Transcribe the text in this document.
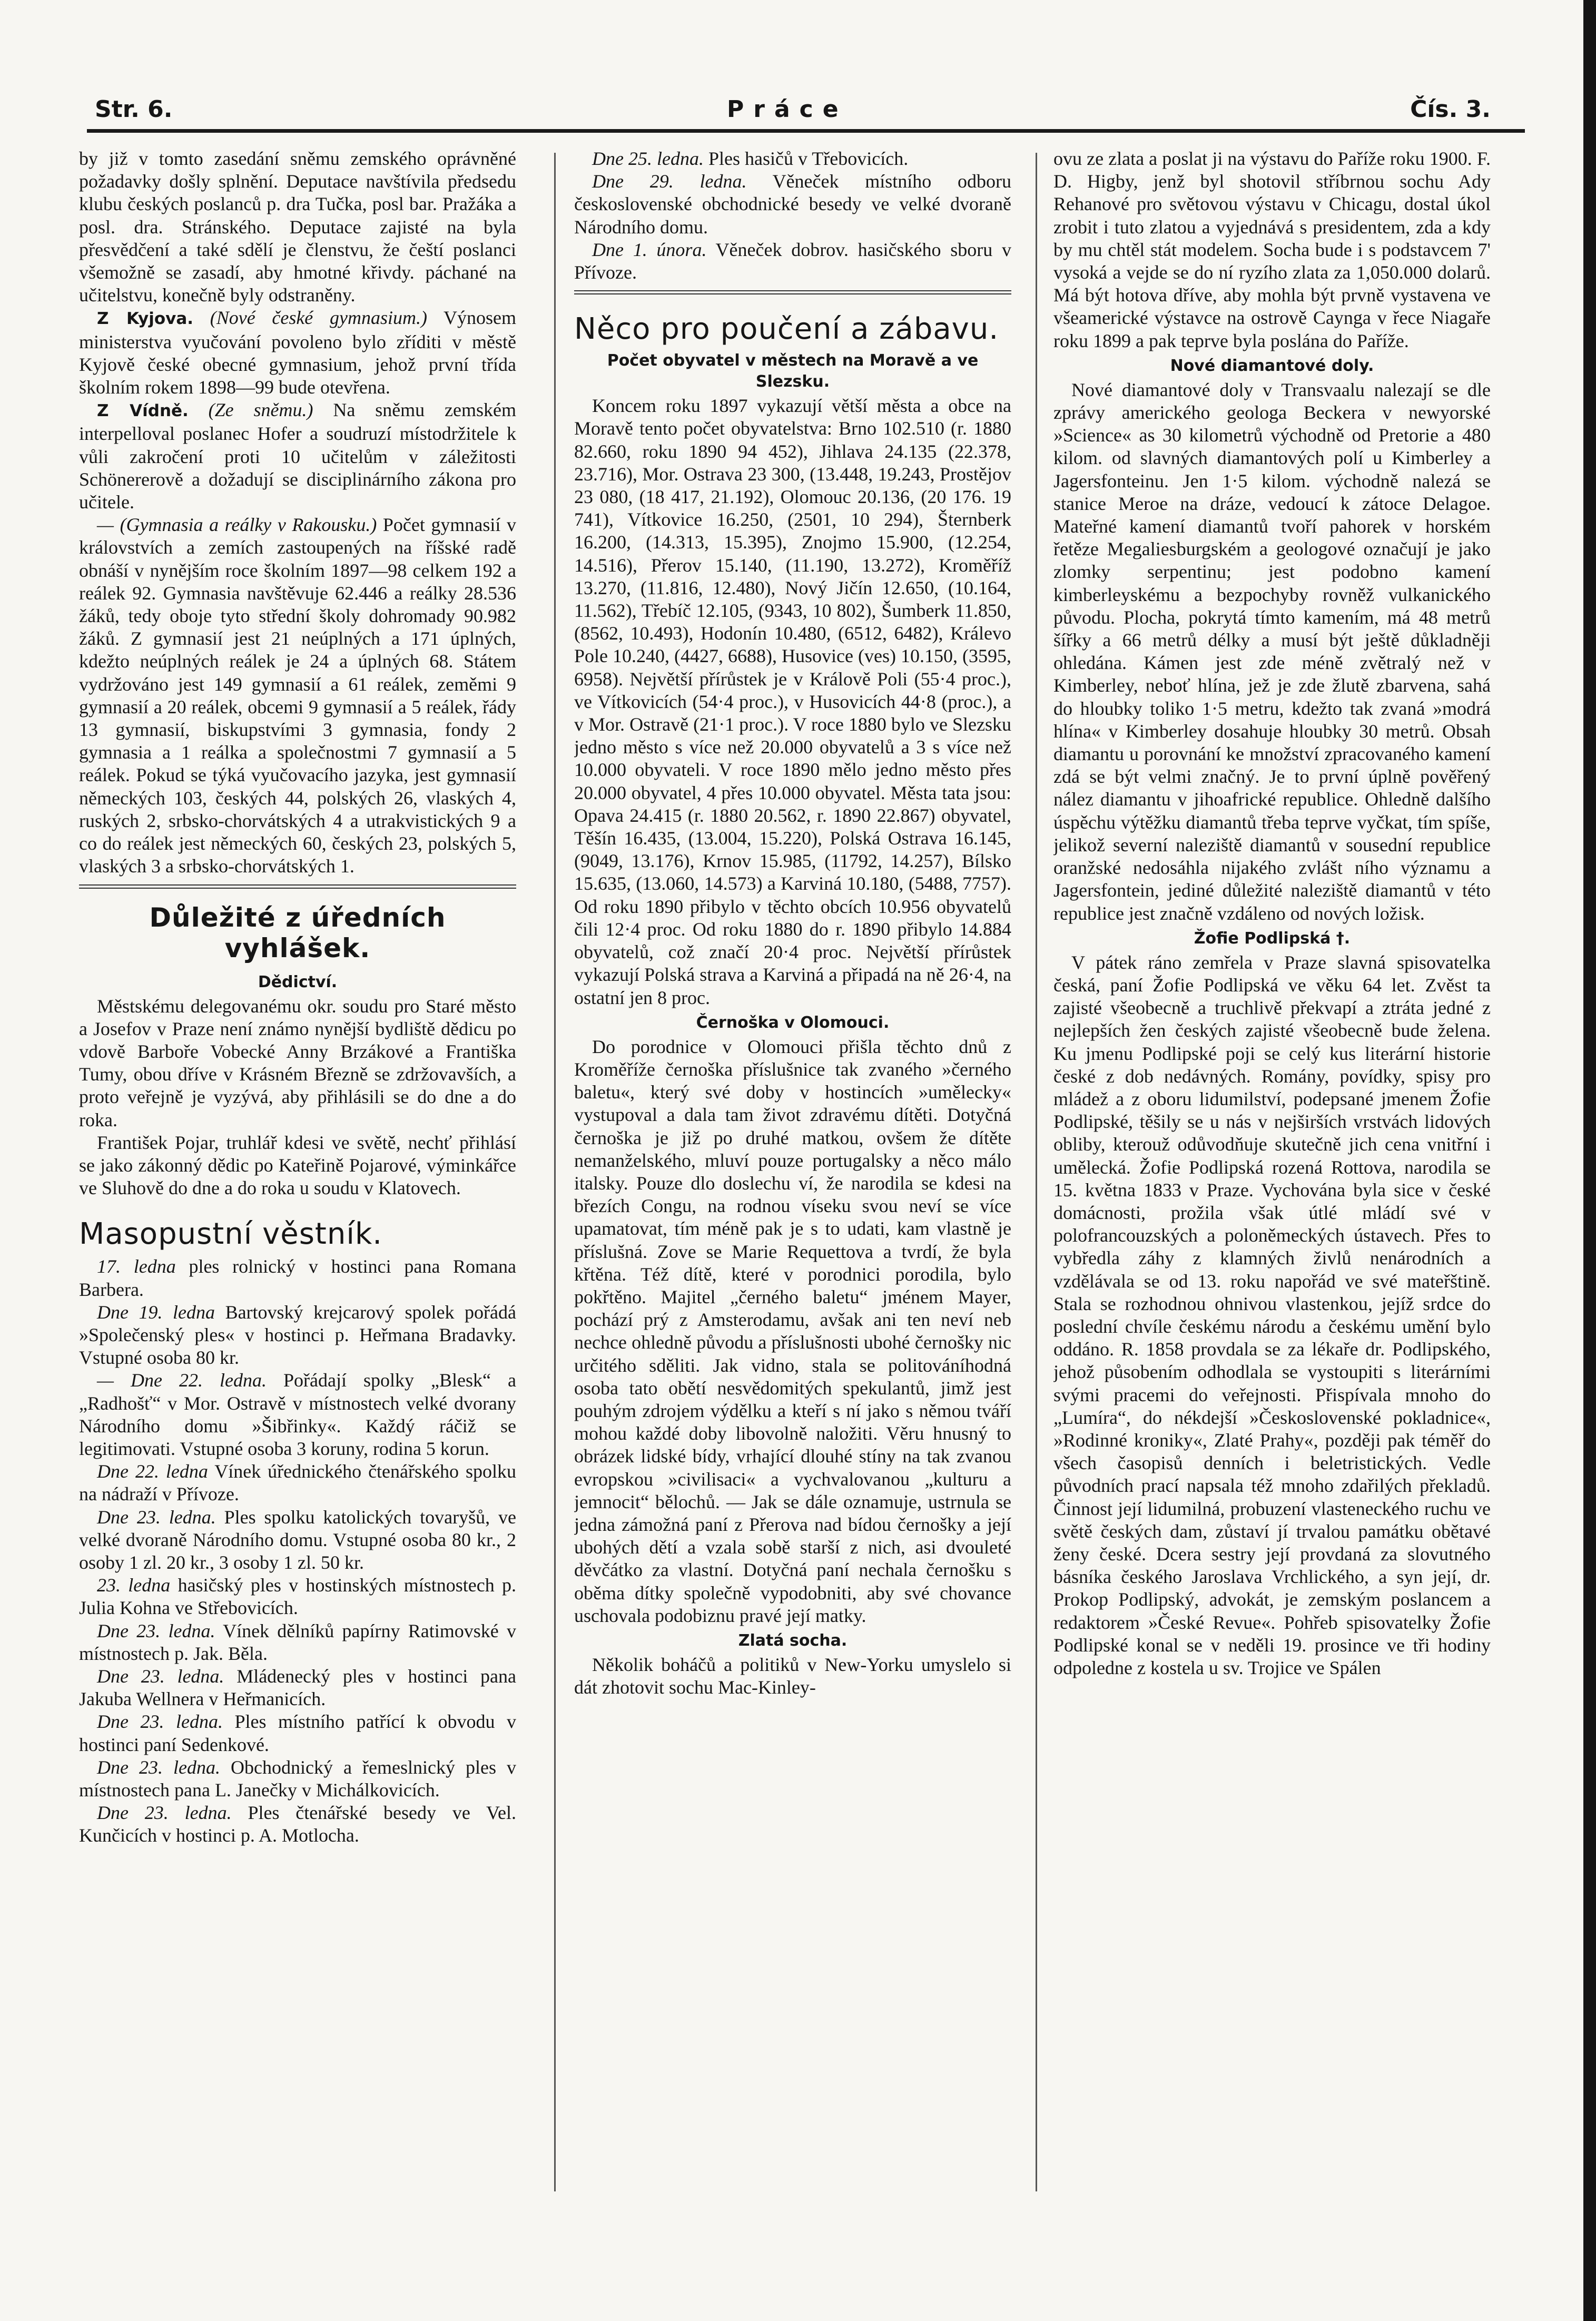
Str. 6.	Práce	Čís. 3.

by již v tomto zasedání sněmu zemského oprávněné požadavky došly splnění. Deputace navštívila předsedu klubu českých poslanců p. dra Tučka, posl bar. Pražáka a posl. dra. Stránského. Deputace zajisté na byla přesvědčení a také sdělí je členstvu, že čeští poslanci všemožně se zasadí, aby hmotné křivdy. páchané na učitelstvu, konečně byly odstraněny.

Z Kyjova. (Nové české gymnasium.) Výnosem ministerstva vyučování povoleno bylo zříditi v městě Kyjově české obecné gymnasium, jehož první třída školním rokem 1898—99 bude otevřena.

Z Vídně. (Ze sněmu.) Na sněmu zemském interpelloval poslanec Hofer a soudruzí místodržitele k vůli zakročení proti 10 učitelům v záležitosti Schönererově a dožadují se disciplinárního zákona pro učitele.

— (Gymnasia a reálky v Rakousku.) Počet gymnasií v královstvích a zemích zastoupených na říšské radě obnáší v nynějším roce školním 1897—98 celkem 192 a reálek 92. Gymnasia navštěvuje 62.446 a reálky 28.536 žáků, tedy oboje tyto střední školy dohromady 90.982 žáků. Z gymnasií jest 21 neúplných a 171 úplných, kdežto neúplných reálek je 24 a úplných 68. Státem vydržováno jest 149 gymnasií a 61 reálek, zeměmi 9 gymnasií a 20 reálek, obcemi 9 gymnasií a 5 reálek, řády 13 gymnasií, biskupstvími 3 gymnasia, fondy 2 gymnasia a 1 reálka a společnostmi 7 gymnasií a 5 reálek. Pokud se týká vyučovacího jazyka, jest gymnasií německých 103, českých 44, polských 26, vlaských 4, ruských 2, srbsko-chorvátských 4 a utrakvistických 9 a co do reálek jest německých 60, českých 23, polských 5, vlaských 3 a srbsko-chorvátských 1.

Důležité z úředních vyhlášek.
Dědictví.

Městskému delegovanému okr. soudu pro Staré město a Josefov v Praze není známo nynější bydliště dědicu po vdově Barboře Vobecké Anny Brzákové a Františka Tumy, obou dříve v Krásném Březně se zdržovavších, a proto veřejně je vyzývá, aby přihlásili se do dne a do roka.

František Pojar, truhlář kdesi ve světě, nechť přihlásí se jako zákonný dědic po Kateřině Pojarové, výminkářce ve Sluhově do dne a do roka u soudu v Klatovech.

Masopustní věstník.

17. ledna ples rolnický v hostinci pana Romana Barbera.

Dne 19. ledna Bartovský krejcarový spolek pořádá »Společenský ples« v hostinci p. Heřmana Bradavky. Vstupné osoba 80 kr.

— Dne 22. ledna. Pořádají spolky „Blesk“ a „Radhošť“ v Mor. Ostravě v místnostech velké dvorany Národního domu »Šibřinky«. Každý ráčiž se legitimovati. Vstupné osoba 3 koruny, rodina 5 korun.

Dne 22. ledna Vínek úřednického čtenářského spolku na nádraží v Přívoze.

Dne 23. ledna. Ples spolku katolických tovaryšů, ve velké dvoraně Národního domu. Vstupné osoba 80 kr., 2 osoby 1 zl. 20 kr., 3 osoby 1 zl. 50 kr.

23. ledna hasičský ples v hostinských místnostech p. Julia Kohna ve Střebovicích.

Dne 23. ledna. Vínek dělníků papírny Ratimovské v místnostech p. Jak. Běla.

Dne 23. ledna. Mládenecký ples v hostinci pana Jakuba Wellnera v Heřmanicích.

Dne 23. ledna. Ples místního patřící k obvodu v hostinci paní Sedenkové.

Dne 23. ledna. Obchodnický a řemeslnický ples v místnostech pana L. Janečky v Michálkovicích.

Dne 23. ledna. Ples čtenářské besedy ve Vel. Kunčicích v hostinci p. A. Motlocha.

Dne 25. ledna. Ples hasičů v Třebovicích.

Dne 29. ledna. Věneček místního odboru československé obchodnické besedy ve velké dvoraně Národního domu.

Dne 1. února. Věneček dobrov. hasičského sboru v Přívoze.

Něco pro poučení a zábavu.
Počet obyvatel v městech na Moravě a ve Slezsku.

Koncem roku 1897 vykazují větší města a obce na Moravě tento počet obyvatelstva: Brno 102.510 (r. 1880 82.660, roku 1890 94 452), Jihlava 24.135 (22.378, 23.716), Mor. Ostrava 23 300, (13.448, 19.243, Prostějov 23 080, (18 417, 21.192), Olomouc 20.136, (20 176. 19 741), Vítkovice 16.250, (2501, 10 294), Šternberk 16.200, (14.313, 15.395), Znojmo 15.900, (12.254, 14.516), Přerov 15.140, (11.190, 13.272), Kroměříž 13.270, (11.816, 12.480), Nový Jičín 12.650, (10.164, 11.562), Třebíč 12.105, (9343, 10 802), Šumberk 11.850, (8562, 10.493), Hodonín 10.480, (6512, 6482), Králevo Pole 10.240, (4427, 6688), Husovice (ves) 10.150, (3595, 6958). Největší přírůstek je v Králově Poli (55·4 proc.), ve Vítkovicích (54·4 proc.), v Husovicích 44·8 (proc.), a v Mor. Ostravě (21·1 proc.). V roce 1880 bylo ve Slezsku jedno město s více než 20.000 obyvatelů a 3 s více než 10.000 obyvateli. V roce 1890 mělo jedno město přes 20.000 obyvatel, 4 přes 10.000 obyvatel. Města tata jsou: Opava 24.415 (r. 1880 20.562, r. 1890 22.867) obyvatel, Těšín 16.435, (13.004, 15.220), Polská Ostrava 16.145, (9049, 13.176), Krnov 15.985, (11792, 14.257), Bílsko 15.635, (13.060, 14.573) a Karviná 10.180, (5488, 7757). Od roku 1890 přibylo v těchto obcích 10.956 obyvatelů čili 12·4 proc. Od roku 1880 do r. 1890 přibylo 14.884 obyvatelů, což značí 20·4 proc. Největší přírůstek vykazují Polská strava a Karviná a připadá na ně 26·4, na ostatní jen 8 proc.

Černoška v Olomouci.

Do porodnice v Olomouci přišla těchto dnů z Kroměříže černoška příslušnice tak zvaného »černého baletu«, který své doby v hostincích »umělecky« vystupoval a dala tam život zdravému dítěti. Dotyčná černoška je již po druhé matkou, ovšem že dítěte nemanželského, mluví pouze portugalsky a něco málo italsky. Pouze dlo doslechu ví, že narodila se kdesi na březích Congu, na rodnou víseku svou neví se více upamatovat, tím méně pak je s to udati, kam vlastně je příslušná. Zove se Marie Requettova a tvrdí, že byla křtěna. Též dítě, které v porodnici porodila, bylo pokřtěno. Majitel „černého baletu“ jménem Mayer, pochází prý z Amsterodamu, avšak ani ten neví neb nechce ohledně původu a příslušnosti ubohé černošky nic určitého sděliti. Jak vidno, stala se politováníhodná osoba tato obětí nesvědomitých spekulantů, jimž jest pouhým zdrojem výdělku a kteří s ní jako s němou tváří mohou každé doby libovolně naložiti. Věru hnusný to obrázek lidské bídy, vrhající dlouhé stíny na tak zvanou evropskou »civilisaci« a vychvalovanou „kulturu a jemnocit“ bělochů. — Jak se dále oznamuje, ustrnula se jedna zámožná paní z Přerova nad bídou černošky a její ubohých dětí a vzala sobě starší z nich, asi dvouleté děvčátko za vlastní. Dotyčná paní nechala černošku s oběma dítky společně vypodobniti, aby své chovance uschovala podobiznu pravé její matky.

Zlatá socha.

Několik boháčů a politiků v New-Yorku umyslelo si dát zhotovit sochu Mac-Kinley-

ovu ze zlata a poslat ji na výstavu do Paříže roku 1900. F. D. Higby, jenž byl shotovil stříbrnou sochu Ady Rehanové pro světovou výstavu v Chicagu, dostal úkol zrobit i tuto zlatou a vyjednává s presidentem, zda a kdy by mu chtěl stát modelem. Socha bude i s podstavcem 7' vysoká a vejde se do ní ryzího zlata za 1,050.000 dolarů. Má být hotova dříve, aby mohla být prvně vystavena ve všeamerické výstavce na ostrově Caynga v řece Niagaře roku 1899 a pak teprve byla poslána do Paříže.

Nové diamantové doly.

Nové diamantové doly v Transvaalu nalezají se dle zprávy amerického geologa Beckera v newyorské »Science« as 30 kilometrů východně od Pretorie a 480 kilom. od slavných diamantových polí u Kimberley a Jagersfonteinu. Jen 1·5 kilom. východně nalezá se stanice Meroe na dráze, vedoucí k zátoce Delagoe. Mateřné kamení diamantů tvoří pahorek v horském řetěze Megaliesburgském a geologové označují je jako zlomky serpentinu; jest podobno kamení kimberleyskému a bezpochyby rovněž vulkanického původu. Plocha, pokrytá tímto kamením, má 48 metrů šířky a 66 metrů délky a musí být ještě důkladněji ohledána. Kámen jest zde méně zvětralý než v Kimberley, neboť hlína, jež je zde žlutě zbarvena, sahá do hloubky toliko 1·5 metru, kdežto tak zvaná »modrá hlína« v Kimberley dosahuje hloubky 30 metrů. Obsah diamantu u porovnání ke množství zpracovaného kamení zdá se být velmi značný. Je to první úplně pověřený nález diamantu v jihoafrické republice. Ohledně dalšího úspěchu výtěžku diamantů třeba teprve vyčkat, tím spíše, jelikož severní naleziště diamantů v sousední republice oranžské nedosáhla nijakého zvlášt ního významu a Jagersfontein, jediné důležité naleziště diamantů v této republice jest značně vzdáleno od nových ložisk.

Žofie Podlipská †.

V pátek ráno zemřela v Praze slavná spisovatelka česká, paní Žofie Podlipská ve věku 64 let. Zvěst ta zajisté všeobecně a truchlivě překvapí a ztráta jedné z nejlepších žen českých zajisté všeobecně bude želena. Ku jmenu Podlipské poji se celý kus literární historie české z dob nedávných. Romány, povídky, spisy pro mládež a z oboru lidumilství, podepsané jmenem Žofie Podlipské, těšily se u nás v nejširších vrstvách lidových obliby, kterouž odůvodňuje skutečně jich cena vnitřní i umělecká. Žofie Podlipská rozená Rottova, narodila se 15. května 1833 v Praze. Vychována byla sice v české domácnosti, prožila však útlé mládí své v polofrancouzských a poloněmeckých ústavech. Přes to vybředla záhy z klamných živlů nenárodních a vzdělávala se od 13. roku napořád ve své mateřštině. Stala se rozhodnou ohnivou vlastenkou, jejíž srdce do poslední chvíle českému národu a českému umění bylo oddáno. R. 1858 provdala se za lékaře dr. Podlipského, jehož působením odhodlala se vystoupiti s literárními svými pracemi do veřejnosti. Přispívala mnoho do „Lumíra“, do nékdejší »Československé pokladnice«, »Rodinné kroniky«, Zlaté Prahy«, později pak téměř do všech časopisů denních i beletristických. Vedle původních prací napsala též mnoho zdařilých překladů. Činnost její lidumilná, probuzení vlasteneckého ruchu ve světě českých dam, zůstaví jí trvalou památku obětavé ženy české. Dcera sestry její provdaná za slovutného básníka českého Jaroslava Vrchlického, a syn její, dr. Prokop Podlipský, advokát, je zemským poslancem a redaktorem »České Revue«. Pohřeb spisovatelky Žofie Podlipské konal se v neděli 19. prosince ve tři hodiny odpoledne z kostela u sv. Trojice ve Spálen
